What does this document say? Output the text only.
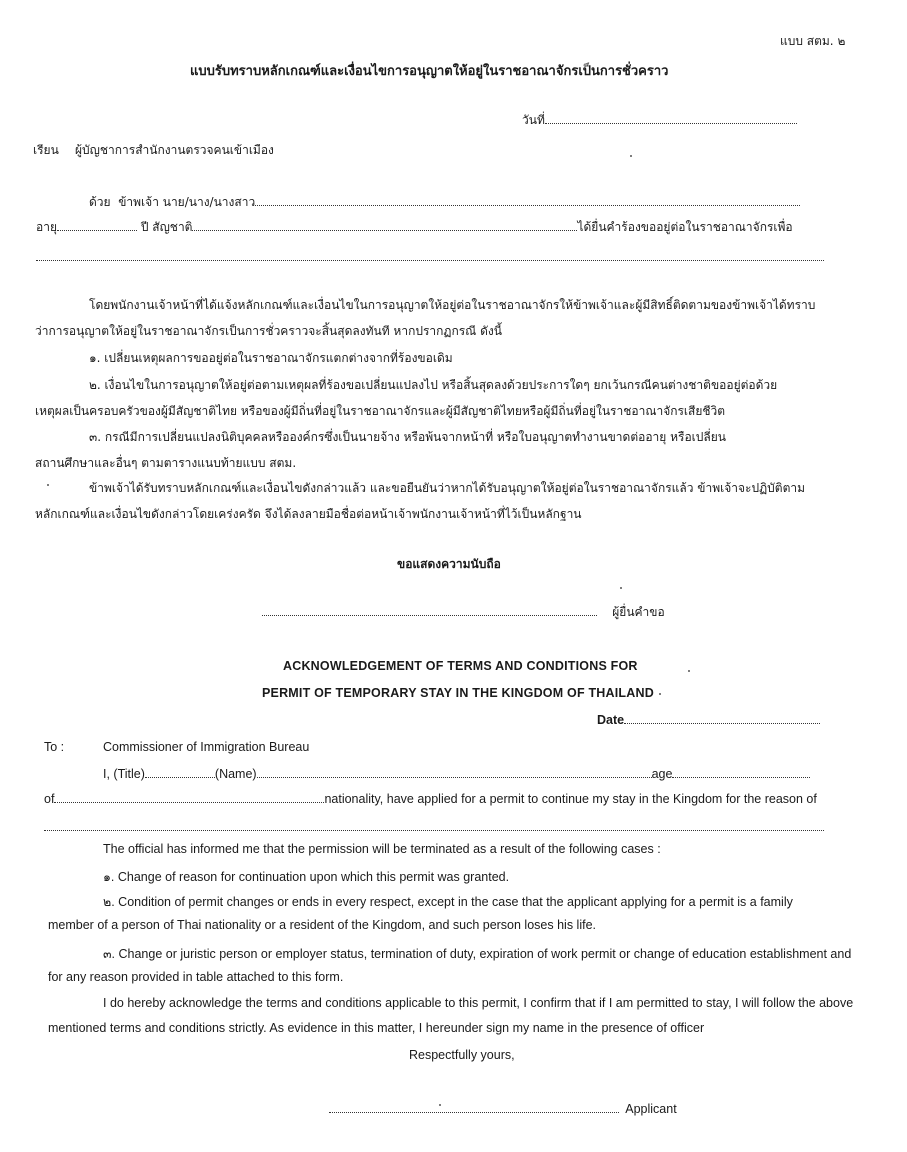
แบบ สตม. ๒
แบบรับทราบหลักเกณฑ์และเงื่อนไขการอนุญาตให้อยู่ในราชอาณาจักรเป็นการชั่วคราว
วันที่
เรียน ผู้บัญชาการสำนักงานตรวจคนเข้าเมือง
ด้วย ข้าพเจ้า นาย/นาง/นางสาว
อายุ	ปี สัญชาติ	ได้ยื่นคำร้องขออยู่ต่อในราชอาณาจักรเพื่อ
โดยพนักงานเจ้าหน้าที่ได้แจ้งหลักเกณฑ์และเงื่อนไขในการอนุญาตให้อยู่ต่อในราชอาณาจักรให้ข้าพเจ้าและผู้มีสิทธิ์ติดตามของข้าพเจ้าได้ทราบ
ว่าการอนุญาตให้อยู่ในราชอาณาจักรเป็นการชั่วคราวจะสิ้นสุดลงทันที หากปรากฏกรณี ดังนี้
๑. เปลี่ยนเหตุผลการขออยู่ต่อในราชอาณาจักรแตกต่างจากที่ร้องขอเดิม
๒. เงื่อนไขในการอนุญาตให้อยู่ต่อตามเหตุผลที่ร้องขอเปลี่ยนแปลงไป หรือสิ้นสุดลงด้วยประการใดๆ ยกเว้นกรณีคนต่างชาติขออยู่ต่อด้วย
เหตุผลเป็นครอบครัวของผู้มีสัญชาติไทย หรือของผู้มีถิ่นที่อยู่ในราชอาณาจักรและผู้มีสัญชาติไทยหรือผู้มีถิ่นที่อยู่ในราชอาณาจักรเสียชีวิต
๓. กรณีมีการเปลี่ยนแปลงนิติบุคคลหรือองค์กรซึ่งเป็นนายจ้าง หรือพ้นจากหน้าที่ หรือใบอนุญาตทำงานขาดต่ออายุ หรือเปลี่ยน
สถานศึกษาและอื่นๆ ตามตารางแนบท้ายแบบ สตม.
ข้าพเจ้าได้รับทราบหลักเกณฑ์และเงื่อนไขดังกล่าวแล้ว และขอยืนยันว่าหากได้รับอนุญาตให้อยู่ต่อในราชอาณาจักรแล้ว ข้าพเจ้าจะปฏิบัติตาม
หลักเกณฑ์และเงื่อนไขดังกล่าวโดยเคร่งครัด จึงได้ลงลายมือชื่อต่อหน้าเจ้าพนักงานเจ้าหน้าที่ไว้เป็นหลักฐาน
ขอแสดงความนับถือ
ผู้ยื่นคำขอ
ACKNOWLEDGEMENT OF TERMS AND CONDITIONS FOR
PERMIT OF TEMPORARY STAY IN THE KINGDOM OF THAILAND
Date
To :	Commissioner of Immigration Bureau
I, (Title)	(Name)	age
of	nationality, have applied for a permit to continue my stay in the Kingdom for the reason of
The official has informed me that the permission will be terminated as a result of the following cases :
๑. Change of reason for continuation upon which this permit was granted.
๒. Condition of permit changes or ends in every respect, except in the case that the applicant applying for a permit is a family
member of a person of Thai nationality or a resident of the Kingdom, and such person loses his life.
๓. Change or juristic person or employer status, termination of duty, expiration of work permit or change of education establishment and
for any reason provided in table attached to this form.
I do hereby acknowledge the terms and conditions applicable to this permit, I confirm that if I am permitted to stay, I will follow the above
mentioned terms and conditions strictly. As evidence in this matter, I hereunder sign my name in the presence of officer
Respectfully yours,
Applicant
